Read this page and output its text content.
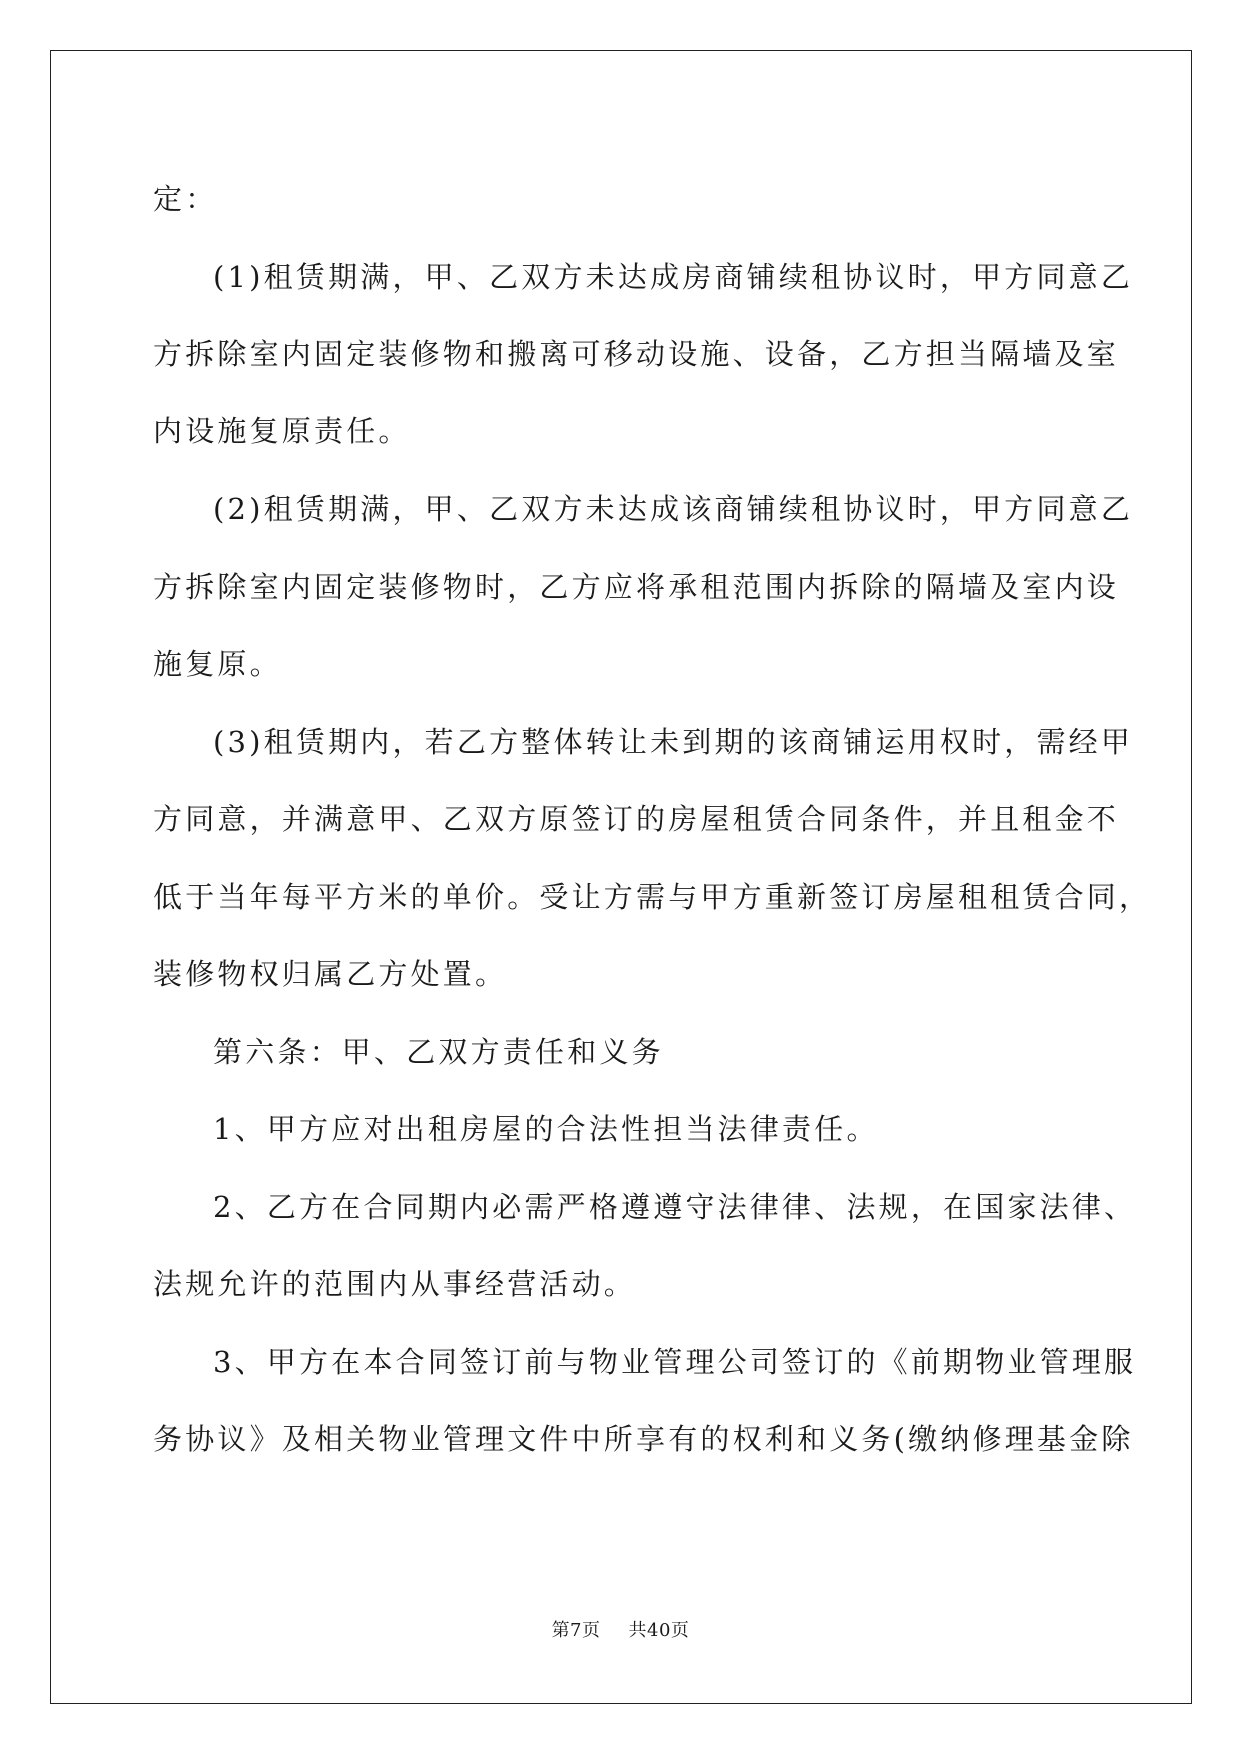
定：
(1)租赁期满，甲、乙双方未达成房商铺续租协议时，甲方同意乙
方拆除室内固定装修物和搬离可移动设施、设备，乙方担当隔墙及室
内设施复原责任。
(2)租赁期满，甲、乙双方未达成该商铺续租协议时，甲方同意乙
方拆除室内固定装修物时，乙方应将承租范围内拆除的隔墙及室内设
施复原。
(3)租赁期内，若乙方整体转让未到期的该商铺运用权时，需经甲
方同意，并满意甲、乙双方原签订的房屋租赁合同条件，并且租金不
低于当年每平方米的单价。受让方需与甲方重新签订房屋租租赁合同，
装修物权归属乙方处置。
第六条：甲、乙双方责任和义务
1、甲方应对出租房屋的合法性担当法律责任。
2、乙方在合同期内必需严格遵遵守法律律、法规，在国家法律、
法规允许的范围内从事经营活动。
3、甲方在本合同签订前与物业管理公司签订的《前期物业管理服
务协议》及相关物业管理文件中所享有的权利和义务(缴纳修理基金除
第7页 共40页
